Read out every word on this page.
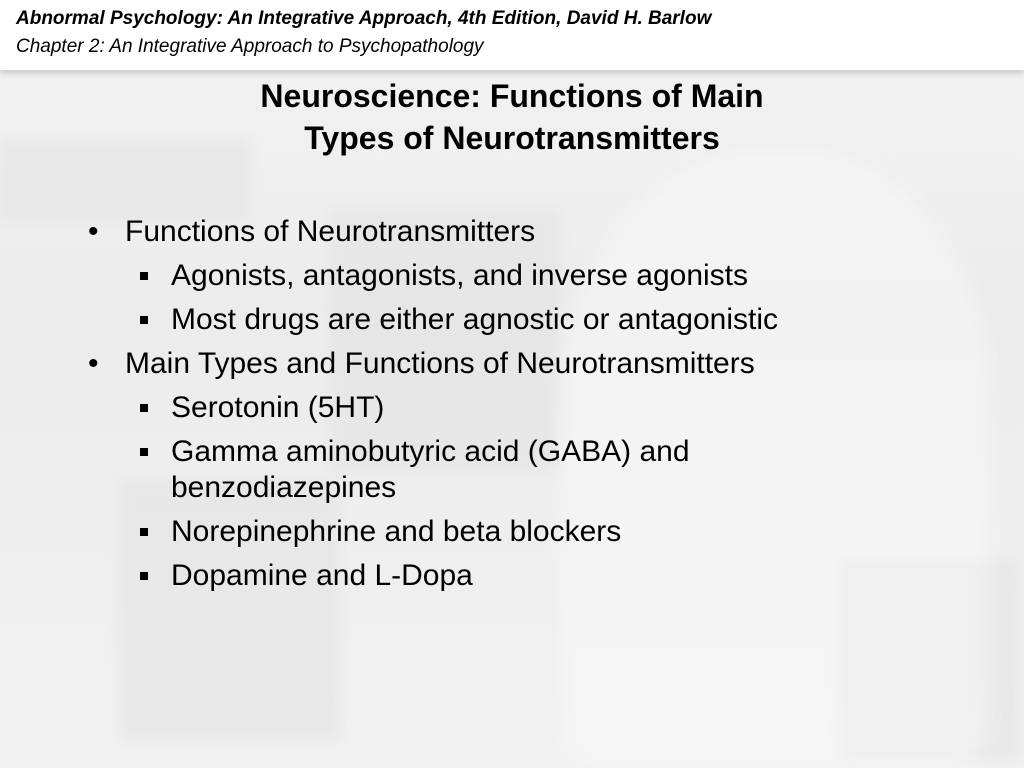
Abnormal Psychology: An Integrative Approach, 4th Edition, David H. Barlow
Chapter 2: An Integrative Approach to Psychopathology
Neuroscience: Functions of Main
Types of Neurotransmitters
• Functions of Neurotransmitters
Agonists, antagonists, and inverse agonists
Most drugs are either agnostic or antagonistic
• Main Types and Functions of Neurotransmitters
Serotonin (5HT)
Gamma aminobutyric acid (GABA) and benzodiazepines
Norepinephrine and beta blockers
Dopamine and L-Dopa
